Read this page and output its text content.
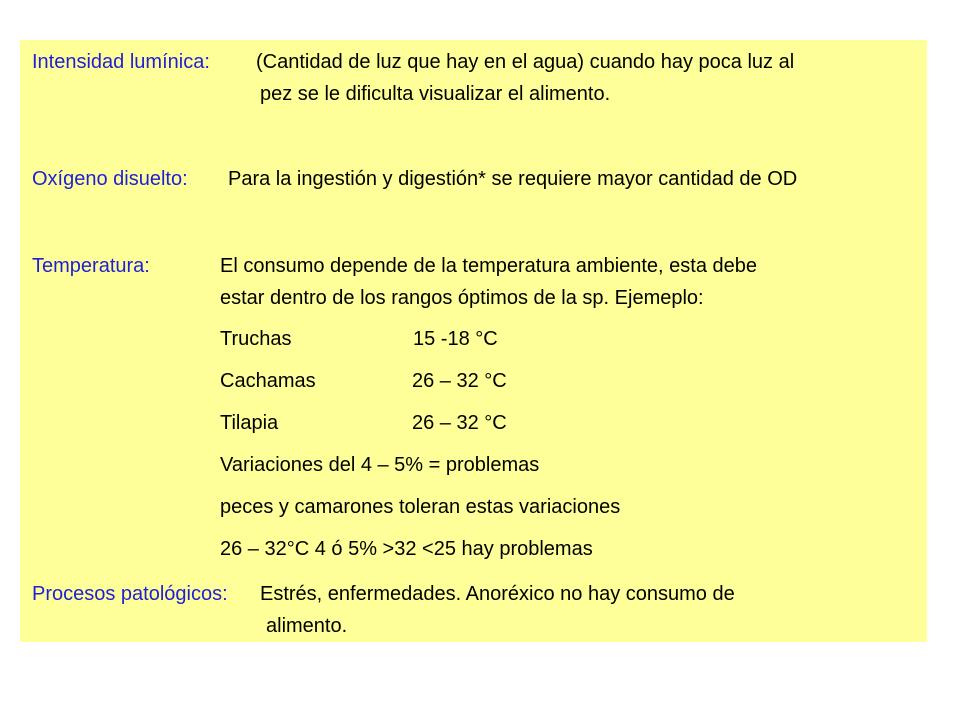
Intensidad lumínica: (Cantidad de luz que hay en el agua) cuando hay poca luz al
pez se le dificulta visualizar el alimento.
Oxígeno disuelto: Para la ingestión y digestión* se requiere mayor cantidad de OD
Temperatura:	El consumo depende de la temperatura ambiente, esta debe
estar dentro de los rangos óptimos de la sp. Ejemeplo:
Truchas	15 -18 °C
Cachamas	26 – 32 °C
Tilapia	26 – 32 °C
Variaciones del 4 – 5% = problemas
peces y camarones toleran estas variaciones
26 – 32°C 4 ó 5% >32 <25 hay problemas
Procesos patológicos: Estrés, enfermedades. Anoréxico no hay consumo de
alimento.
